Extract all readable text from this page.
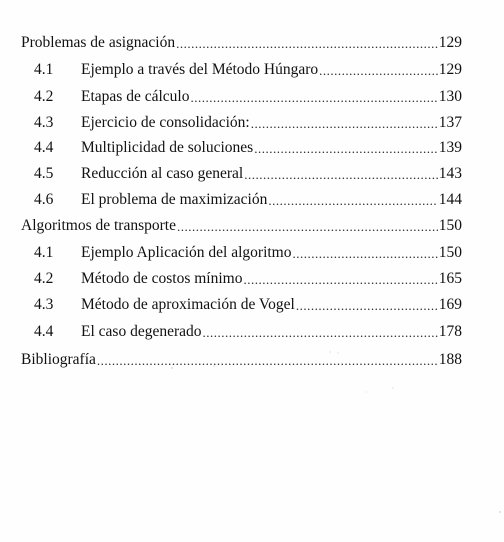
Problemas de asignación .....	129
4.1	Ejemplo a través del Método Húngaro .....	129
4.2	Etapas de cálculo .....	130
4.3	Ejercicio de consolidación: .....	137
4.4	Multiplicidad de soluciones .....	139
4.5	Reducción al caso general .....	143
4.6	El problema de maximización .....	144
Algoritmos de transporte .....	150
4.1	Ejemplo Aplicación del algoritmo .....	150
4.2	Método de costos mínimo .....	165
4.3	Método de aproximación de Vogel .....	169
4.4	El caso degenerado .....	178
Bibliografía .....	188
